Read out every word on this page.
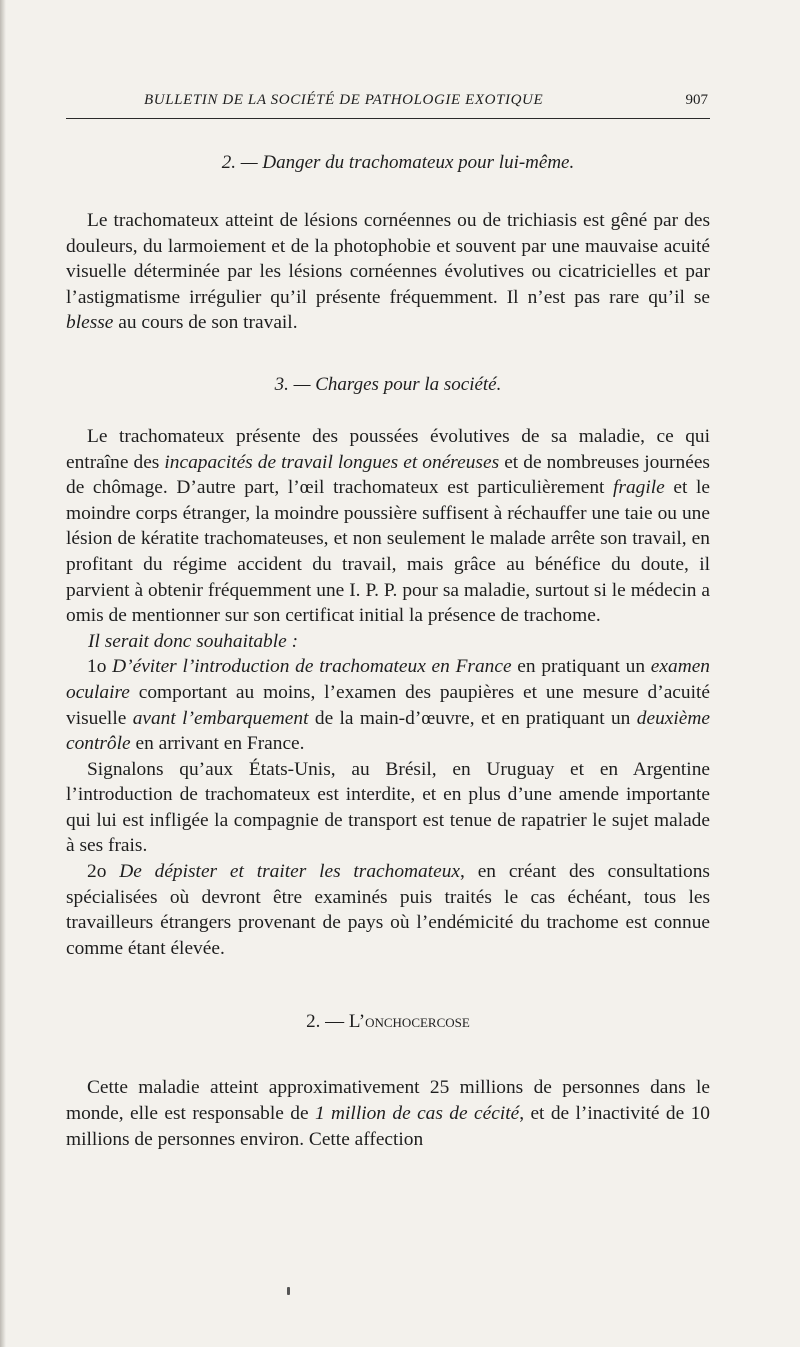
BULLETIN DE LA SOCIÉTÉ DE PATHOLOGIE EXOTIQUE	907

2. — Danger du trachomateux pour lui-même.

Le trachomateux atteint de lésions cornéennes ou de trichiasis est gêné par des douleurs, du larmoiement et de la photophobie et souvent par une mauvaise acuité visuelle déterminée par les lésions cornéennes évolutives ou cicatricielles et par l’astigmatisme irrégulier qu’il présente fréquemment. Il n’est pas rare qu’il se blesse au cours de son travail.

3. — Charges pour la société.

Le trachomateux présente des poussées évolutives de sa maladie, ce qui entraîne des incapacités de travail longues et onéreuses et de nombreuses journées de chômage. D’autre part, l’œil trachomateux est particulièrement fragile et le moindre corps étranger, la moindre poussière suffisent à réchauffer une taie ou une lésion de kératite trachomateuses, et non seulement le malade arrête son travail, en profitant du régime accident du travail, mais grâce au bénéfice du doute, il parvient à obtenir fréquemment une I. P. P. pour sa maladie, surtout si le médecin a omis de mentionner sur son certificat initial la présence de trachome.

Il serait donc souhaitable :

1o D’éviter l’introduction de trachomateux en France en pratiquant un examen oculaire comportant au moins, l’examen des paupières et une mesure d’acuité visuelle avant l’embarquement de la main-d’œuvre, et en pratiquant un deuxième contrôle en arrivant en France.

Signalons qu’aux États-Unis, au Brésil, en Uruguay et en Argentine l’introduction de trachomateux est interdite, et en plus d’une amende importante qui lui est infligée la compagnie de transport est tenue de rapatrier le sujet malade à ses frais.

2o De dépister et traiter les trachomateux, en créant des consultations spécialisées où devront être examinés puis traités le cas échéant, tous les travailleurs étrangers provenant de pays où l’endémicité du trachome est connue comme étant élevée.

2. — L’onchocercose

Cette maladie atteint approximativement 25 millions de personnes dans le monde, elle est responsable de 1 million de cas de cécité, et de l’inactivité de 10 millions de personnes environ. Cette affection
